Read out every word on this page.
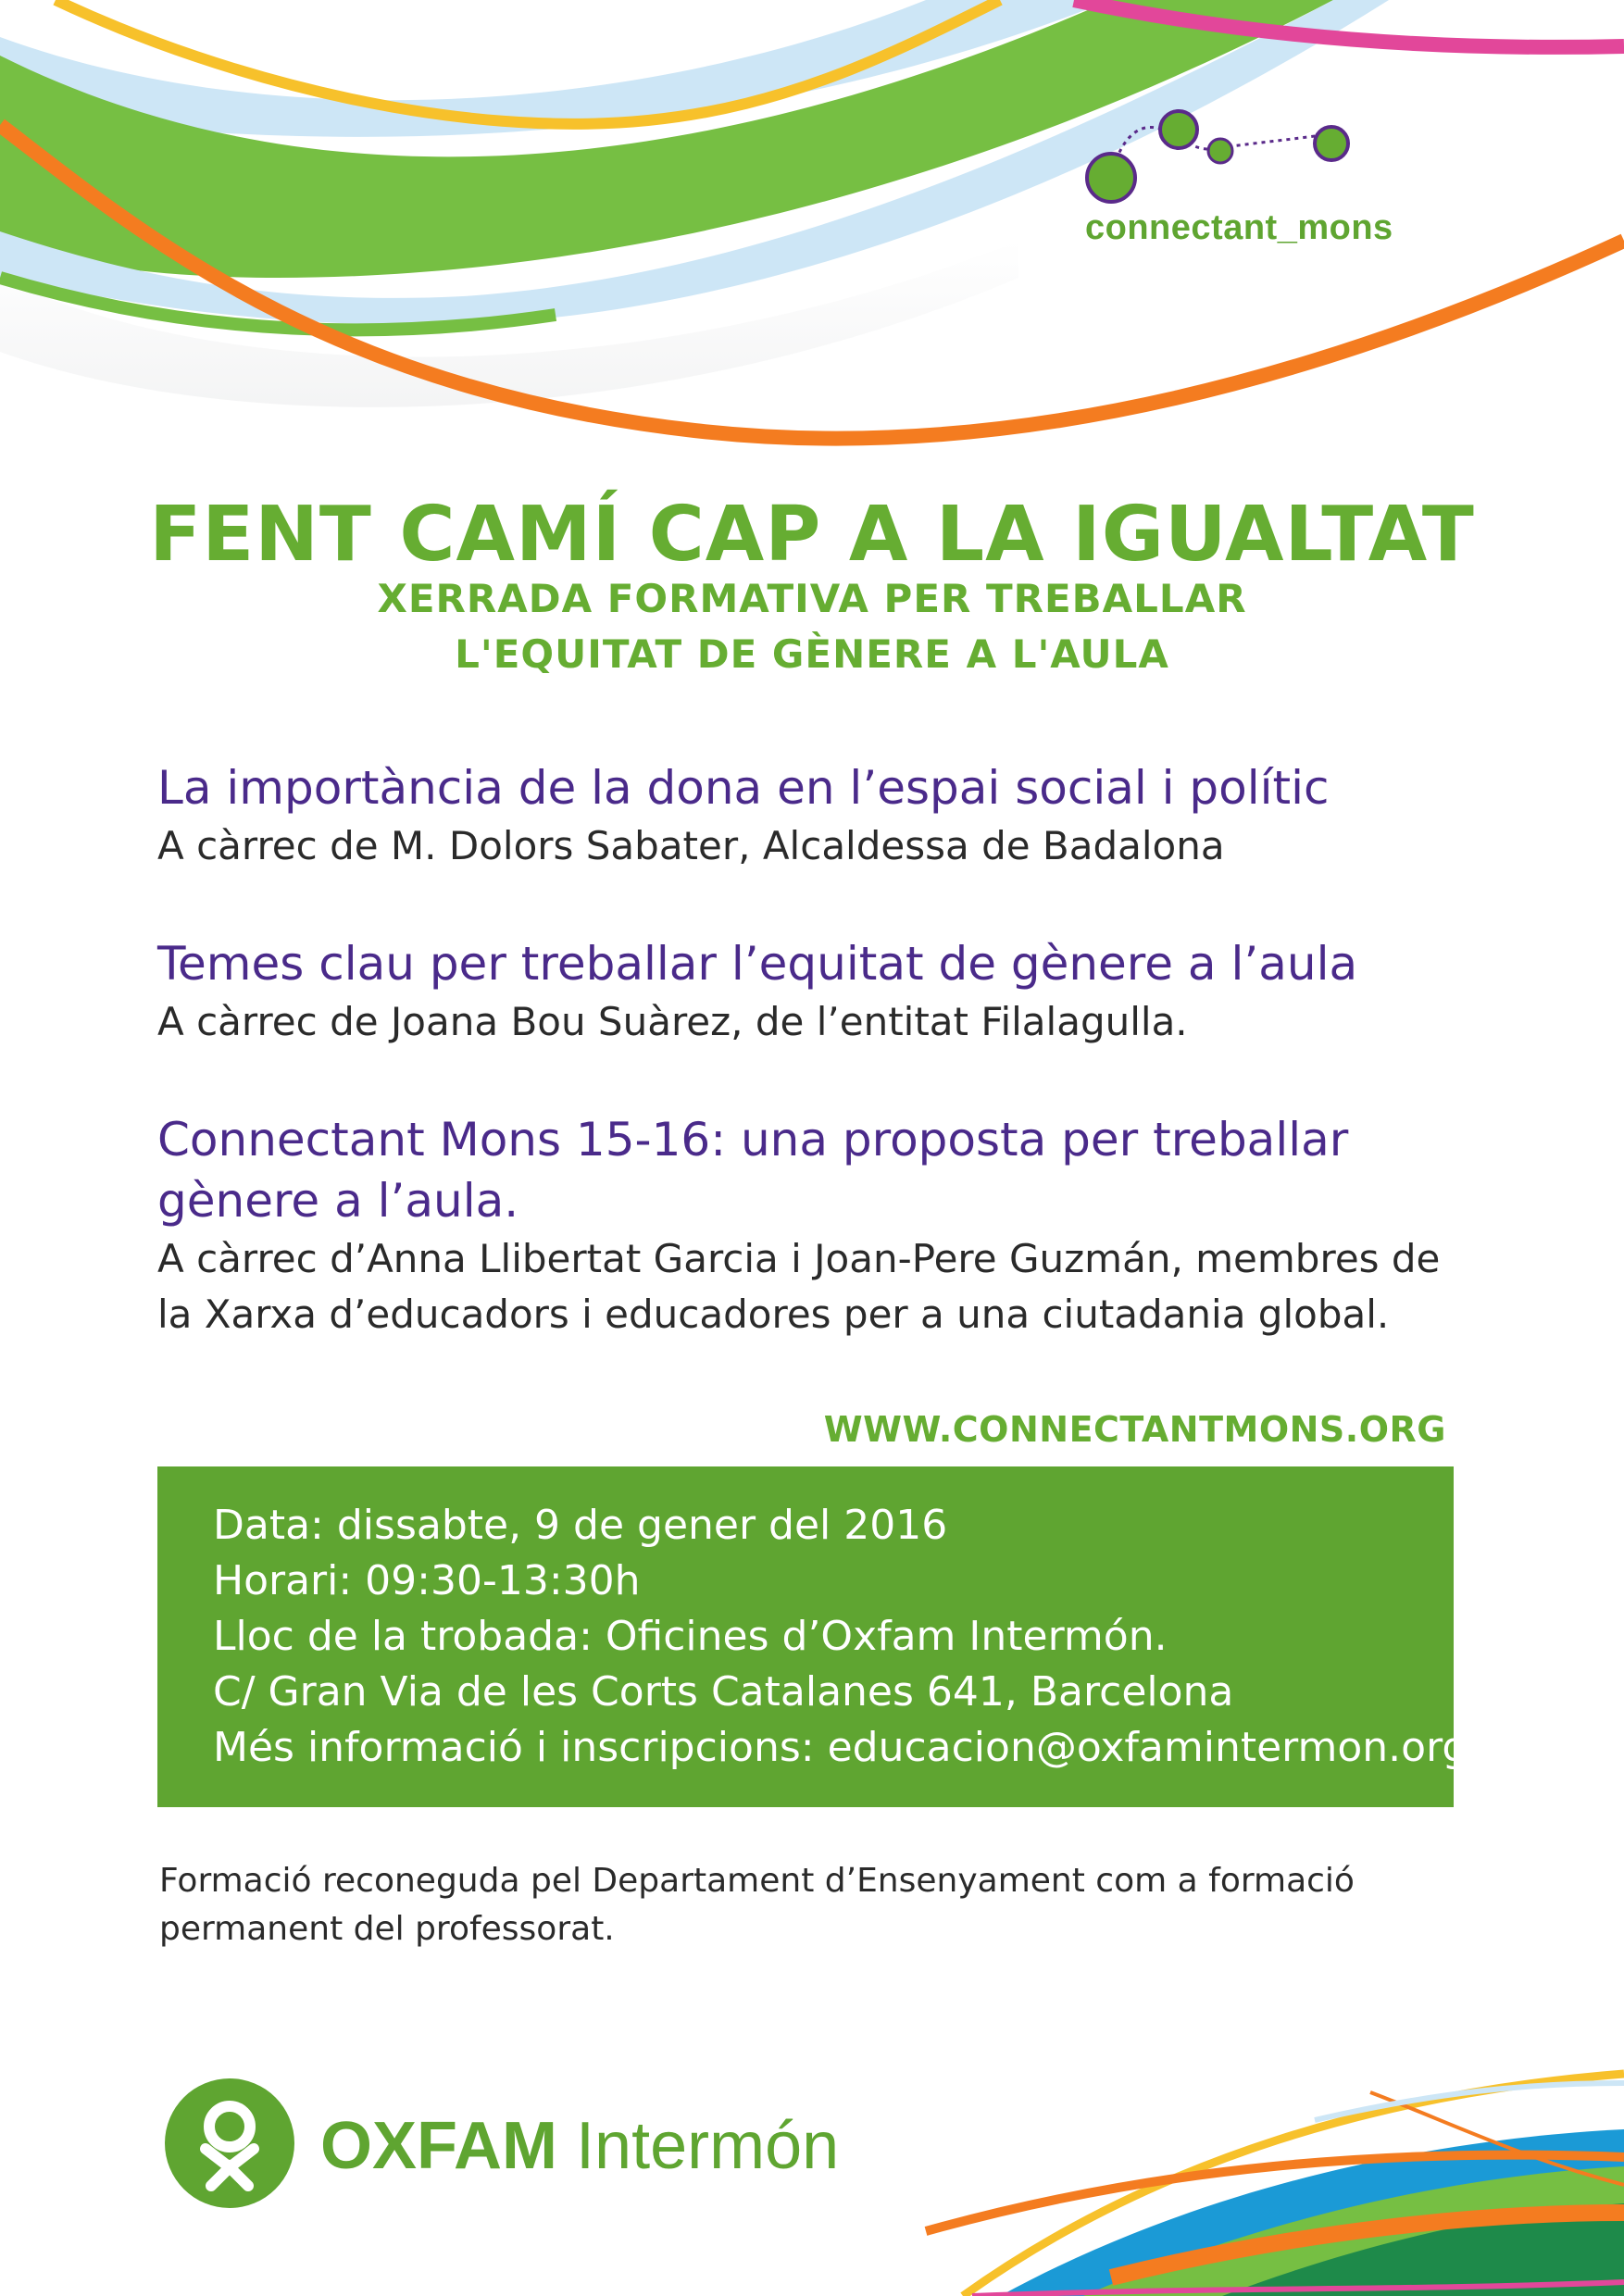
connectant_mons
FENT CAMÍ CAP A LA IGUALTAT
XERRADA FORMATIVA PER TREBALLAR
L'EQUITAT DE GÈNERE A L'AULA
La importància de la dona en l’espai social i polític
A càrrec de M. Dolors Sabater, Alcaldessa de Badalona
Temes clau per treballar l’equitat de gènere a l’aula
A càrrec de Joana Bou Suàrez, de l’entitat Filalagulla.
Connectant Mons 15-16: una proposta per treballar
gènere a l’aula.
A càrrec d’Anna Llibertat Garcia i Joan-Pere Guzmán, membres de
la Xarxa d’educadors i educadores per a una ciutadania global.
WWW.CONNECTANTMONS.ORG
Data: dissabte, 9 de gener del 2016
Horari: 09:30-13:30h
Lloc de la trobada: Oficines d’Oxfam Intermón.
C/ Gran Via de les Corts Catalanes 641, Barcelona
Més informació i inscripcions: educacion@oxfamintermon.org
Formació reconeguda pel Departament d’Ensenyament com a formació
permanent del professorat.
OXFAM Intermón
